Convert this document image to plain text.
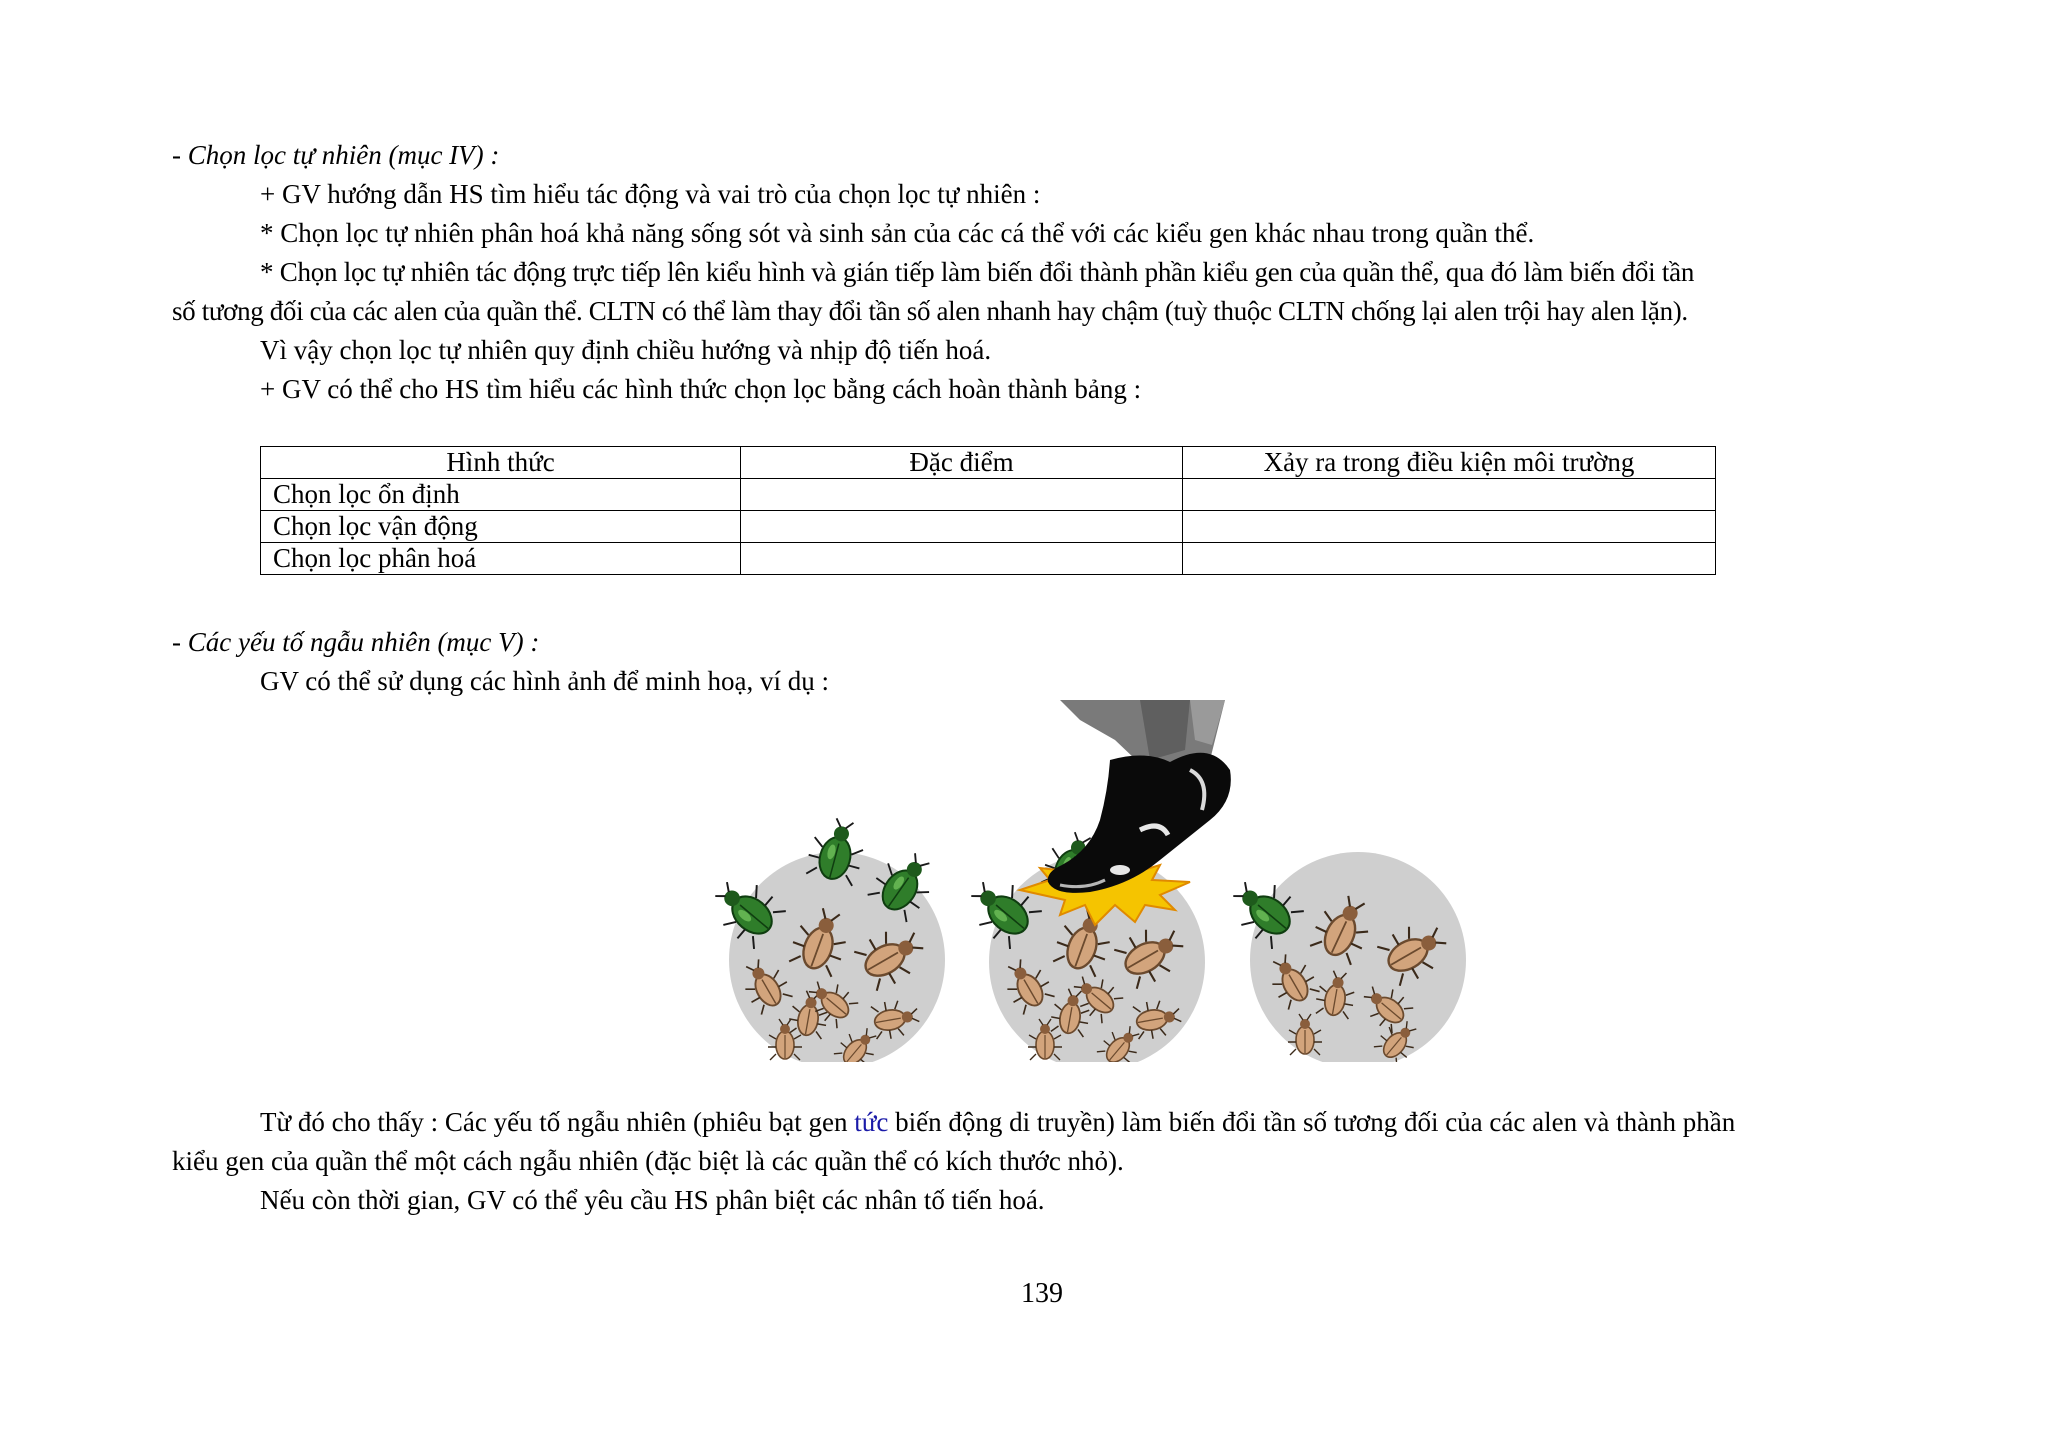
- Chọn lọc tự nhiên (mục IV) :
+ GV hướng dẫn HS tìm hiểu tác động và vai trò của chọn lọc tự nhiên :
* Chọn lọc tự nhiên phân hoá khả năng sống sót và sinh sản của các cá thể với các kiểu gen khác nhau trong quần thể.
* Chọn lọc tự nhiên tác động trực tiếp lên kiểu hình và gián tiếp làm biến đổi thành phần kiểu gen của quần thể, qua đó làm biến đổi tần
số tương đối của các alen của quần thể. CLTN có thể làm thay đổi tần số alen nhanh hay chậm (tuỳ thuộc CLTN chống lại alen trội hay alen lặn).
Vì vậy chọn lọc tự nhiên quy định chiều hướng và nhịp độ tiến hoá.
+ GV có thể cho HS tìm hiểu các hình thức chọn lọc bằng cách hoàn thành bảng :
Hình thức	Đặc điểm	Xảy ra trong điều kiện môi trường
Chọn lọc ổn định		
Chọn lọc vận động		
Chọn lọc phân hoá		
- Các yếu tố ngẫu nhiên (mục V) :
GV có thể sử dụng các hình ảnh để minh hoạ, ví dụ :
Từ đó cho thấy : Các yếu tố ngẫu nhiên (phiêu bạt gen tức biến động di truyền) làm biến đổi tần số tương đối của các alen và thành phần
kiểu gen của quần thể một cách ngẫu nhiên (đặc biệt là các quần thể có kích thước nhỏ).
Nếu còn thời gian, GV có thể yêu cầu HS phân biệt các nhân tố tiến hoá.
139
